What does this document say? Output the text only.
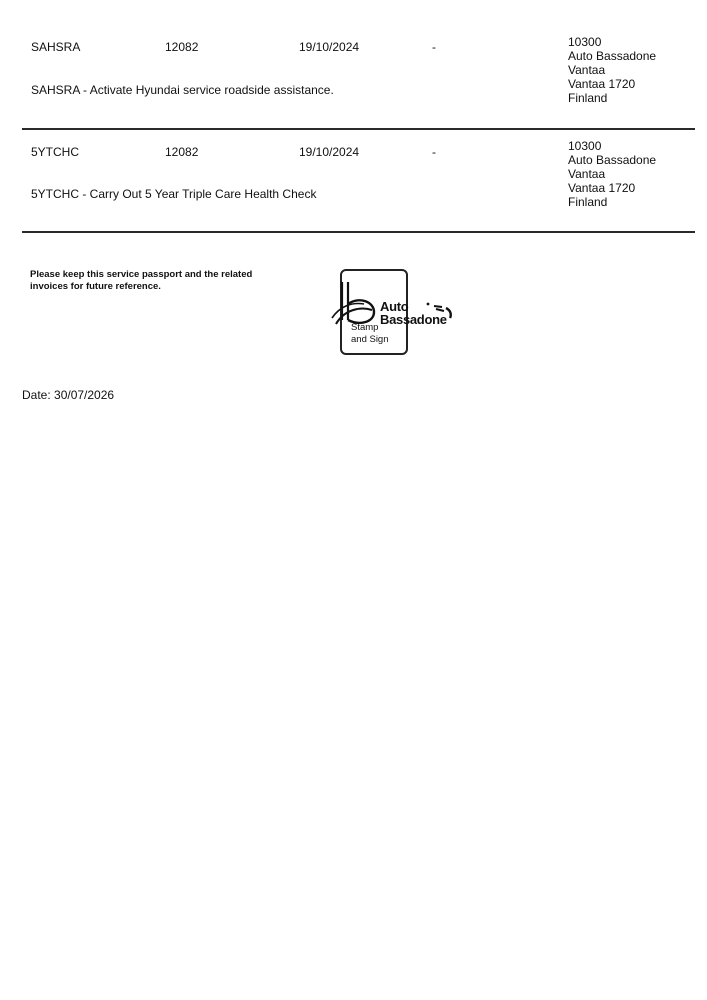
SAHSRA	12082	19/10/2024	-	10300
Auto Bassadone
Vantaa
Vantaa 1720
Finland
SAHSRA - Activate Hyundai service roadside assistance.
5YTCHC	12082	19/10/2024	-	10300
Auto Bassadone
Vantaa
Vantaa 1720
Finland
5YTCHC - Carry Out 5 Year Triple Care Health Check
Please keep this service passport and the related
invoices for future reference.
Auto
Bassadone
Stamp
and Sign
Date: 30/07/2026
